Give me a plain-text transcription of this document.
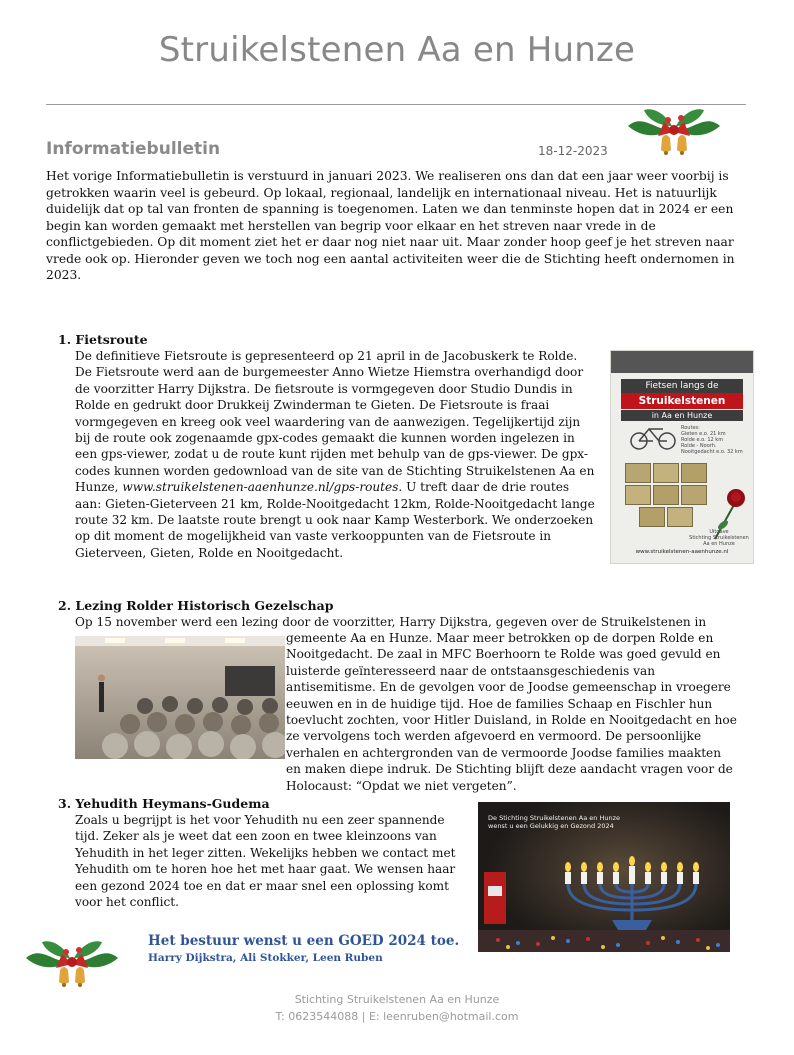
Struikelstenen Aa en Hunze
Informatiebulletin	18-12-2023

Het vorige Informatiebulletin is verstuurd in januari 2023. We realiseren ons dan dat een jaar weer voorbij is getrokken waarin veel is gebeurd. Op lokaal, regionaal, landelijk en internationaal niveau. Het is natuurlijk duidelijk dat op tal van fronten de spanning is toegenomen. Laten we dan tenminste hopen dat in 2024 er een begin kan worden gemaakt met herstellen van begrip voor elkaar en het streven naar vrede in de conflictgebieden. Op dit moment ziet het er daar nog niet naar uit. Maar zonder hoop geef je het streven naar vrede ook op. Hieronder geven we toch nog een aantal activiteiten weer die de Stichting heeft ondernomen in 2023.

1. Fietsroute

De definitieve Fietsroute is gepresenteerd op 21 april in de Jacobuskerk te Rolde. De Fietsroute werd aan de burgemeester Anno Wietze Hiemstra overhandigd door de voorzitter Harry Dijkstra. De fietsroute is vormgegeven door Studio Dundis in Rolde en gedrukt door Drukkeij Zwinderman te Gieten. De Fietsroute is fraai vormgegeven en kreeg ook veel waardering van de aanwezigen. Tegelijkertijd zijn bij de route ook zogenaamde gpx-codes gemaakt die kunnen worden ingelezen in een gps-viewer, zodat u de route kunt rijden met behulp van de gps-viewer. De gpx-codes kunnen worden gedownload van de site van de Stichting Struikelstenen Aa en Hunze, www.struikelstenen-aaenhunze.nl/gps-routes. U treft daar de drie routes aan: Gieten-Gieterveen 21 km, Rolde-Nooitgedacht 12km, Rolde-Nooitgedacht lange route 32 km. De laatste route brengt u ook naar Kamp Westerbork. We onderzoeken op dit moment de mogelijkheid van vaste verkooppunten van de Fietsroute in Gieterveen, Gieten, Rolde en Nooitgedacht.

Fietsen langs de
Struikelstenen
in Aa en Hunze
Routes:
Gieten e.o. 21 km
Rolde e.o. 12 km
Rolde - Noorh. Nooitgedacht e.o. 32 km
Uitgave
Stichting Struikelstenen
Aa en Hunze
www.struikelstenen-aaenhunze.nl
2. Lezing Rolder Historisch Gezelschap

Op 15 november werd een lezing door de voorzitter, Harry Dijkstra, gegeven over de Struikelstenen in

gemeente Aa en Hunze. Maar meer betrokken op de dorpen Rolde en Nooitgedacht. De zaal in MFC Boerhoorn te Rolde was goed gevuld en luisterde geïnteresseerd naar de ontstaansgeschiedenis van antisemitisme. En de gevolgen voor de Joodse gemeenschap in vroegere eeuwen en in de huidige tijd. Hoe de families Schaap en Fischler hun toevlucht zochten, voor Hitler Duisland, in Rolde en Nooitgedacht en hoe ze vervolgens toch werden afgevoerd en vermoord. De persoonlijke verhalen en achtergronden van de vermoorde Joodse families maakten en maken diepe indruk. De Stichting blijft deze aandacht vragen voor de Holocaust: “Opdat we niet vergeten”.

3. Yehudith Heymans-Gudema

Zoals u begrijpt is het voor Yehudith nu een zeer spannende tijd. Zeker als je weet dat een zoon en twee kleinzoons van Yehudith in het leger zitten. Wekelijks hebben we contact met Yehudith om te horen hoe het met haar gaat. We wensen haar een gezond 2024 toe en dat er maar snel een oplossing komt voor het conflict.

De Stichting Struikelstenen Aa en Hunze
wenst u een Gelukkig en Gezond 2024
Het bestuur wenst u een GOED 2024 toe.
Harry Dijkstra, Ali Stokker, Leen Ruben
Stichting Struikelstenen Aa en Hunze
T: 0623544088 | E: leenruben@hotmail.com
